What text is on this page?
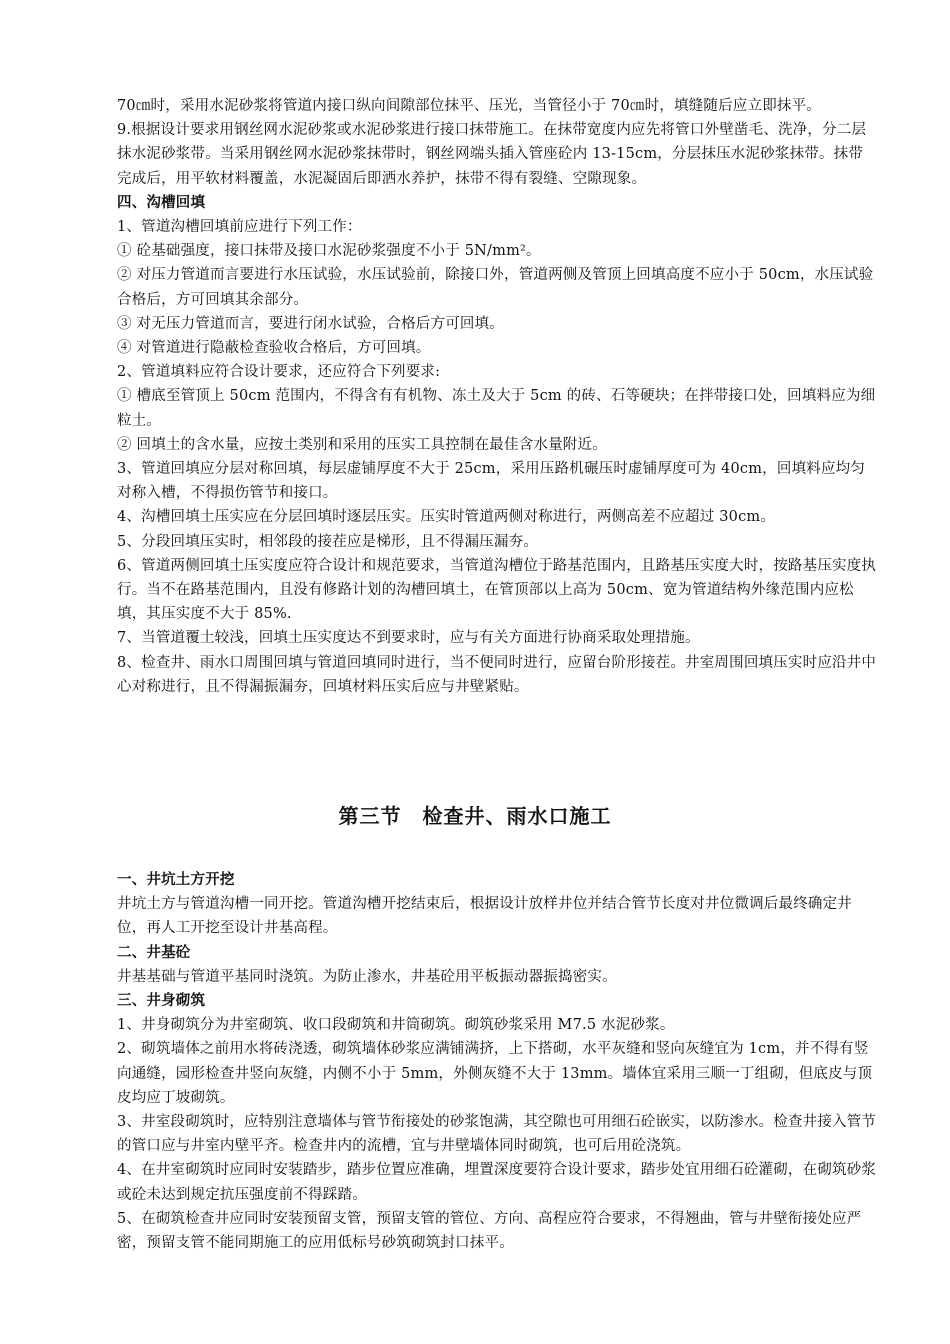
70㎝时，采用水泥砂浆将管道内接口纵向间隙部位抹平、压光，当管径小于 70㎝时，填缝随后应立即抹平。

9.根据设计要求用钢丝网水泥砂浆或水泥砂浆进行接口抹带施工。在抹带宽度内应先将管口外壁凿毛、洗净，分二层抹水泥砂浆带。当采用钢丝网水泥砂浆抹带时，钢丝网端头插入管座砼内 13-15cm，分层抹压水泥砂浆抹带。抹带完成后，用平软材料覆盖，水泥凝固后即洒水养护，抹带不得有裂缝、空隙现象。

四、沟槽回填

1、管道沟槽回填前应进行下列工作：

① 砼基础强度，接口抹带及接口水泥砂浆强度不小于 5N/mm²。

② 对压力管道而言要进行水压试验，水压试验前，除接口外，管道两侧及管顶上回填高度不应小于 50cm，水压试验合格后，方可回填其余部分。

③ 对无压力管道而言，要进行闭水试验，合格后方可回填。

④ 对管道进行隐蔽检查验收合格后，方可回填。

2、管道填料应符合设计要求，还应符合下列要求:

① 槽底至管顶上 50cm 范围内，不得含有有机物、冻土及大于 5cm 的砖、石等硬块；在拌带接口处，回填料应为细粒土。

② 回填土的含水量，应按土类别和采用的压实工具控制在最佳含水量附近。

3、管道回填应分层对称回填，每层虚铺厚度不大于 25cm，采用压路机碾压时虚铺厚度可为 40cm，回填料应均匀对称入槽，不得损伤管节和接口。

4、沟槽回填土压实应在分层回填时逐层压实。压实时管道两侧对称进行，两侧高差不应超过 30cm。

5、分段回填压实时，相邻段的接茬应是梯形，且不得漏压漏夯。

6、管道两侧回填土压实度应符合设计和规范要求，当管道沟槽位于路基范围内，且路基压实度大时，按路基压实度执行。当不在路基范围内，且没有修路计划的沟槽回填土，在管顶部以上高为 50cm、宽为管道结构外缘范围内应松填，其压实度不大于 85%.

7、当管道覆土较浅，回填土压实度达不到要求时，应与有关方面进行协商采取处理措施。

8、检查井、雨水口周围回填与管道回填同时进行，当不便同时进行，应留台阶形接茬。井室周围回填压实时应沿井中心对称进行，且不得漏振漏夯，回填材料压实后应与井壁紧贴。

第三节　检查井、雨水口施工

一、井坑土方开挖

井坑土方与管道沟槽一同开挖。管道沟槽开挖结束后，根据设计放样井位并结合管节长度对井位微调后最终确定井位，再人工开挖至设计井基高程。

二、井基砼

井基基础与管道平基同时浇筑。为防止渗水，井基砼用平板振动器振捣密实。

三、井身砌筑

1、井身砌筑分为井室砌筑、收口段砌筑和井筒砌筑。砌筑砂浆采用 M7.5 水泥砂浆。

2、砌筑墙体之前用水将砖浇透，砌筑墙体砂浆应满铺满挤，上下搭砌，水平灰缝和竖向灰缝宜为 1cm，并不得有竖向通缝，园形检查井竖向灰缝，内侧不小于 5mm，外侧灰缝不大于 13mm。墙体宜采用三顺一丁组砌，但底皮与顶皮均应丁坡砌筑。

3、井室段砌筑时，应特别注意墙体与管节衔接处的砂浆饱满，其空隙也可用细石砼嵌实，以防渗水。检查井接入管节的管口应与井室内壁平齐。检查井内的流槽，宜与井壁墙体同时砌筑，也可后用砼浇筑。

4、在井室砌筑时应同时安装踏步，踏步位置应准确，埋置深度要符合设计要求，踏步处宜用细石砼灌砌，在砌筑砂浆或砼未达到规定抗压强度前不得踩踏。

5、在砌筑检查井应同时安装预留支管，预留支管的管位、方向、高程应符合要求，不得翘曲，管与井壁衔接处应严密，预留支管不能同期施工的应用低标号砂筑砌筑封口抹平。
